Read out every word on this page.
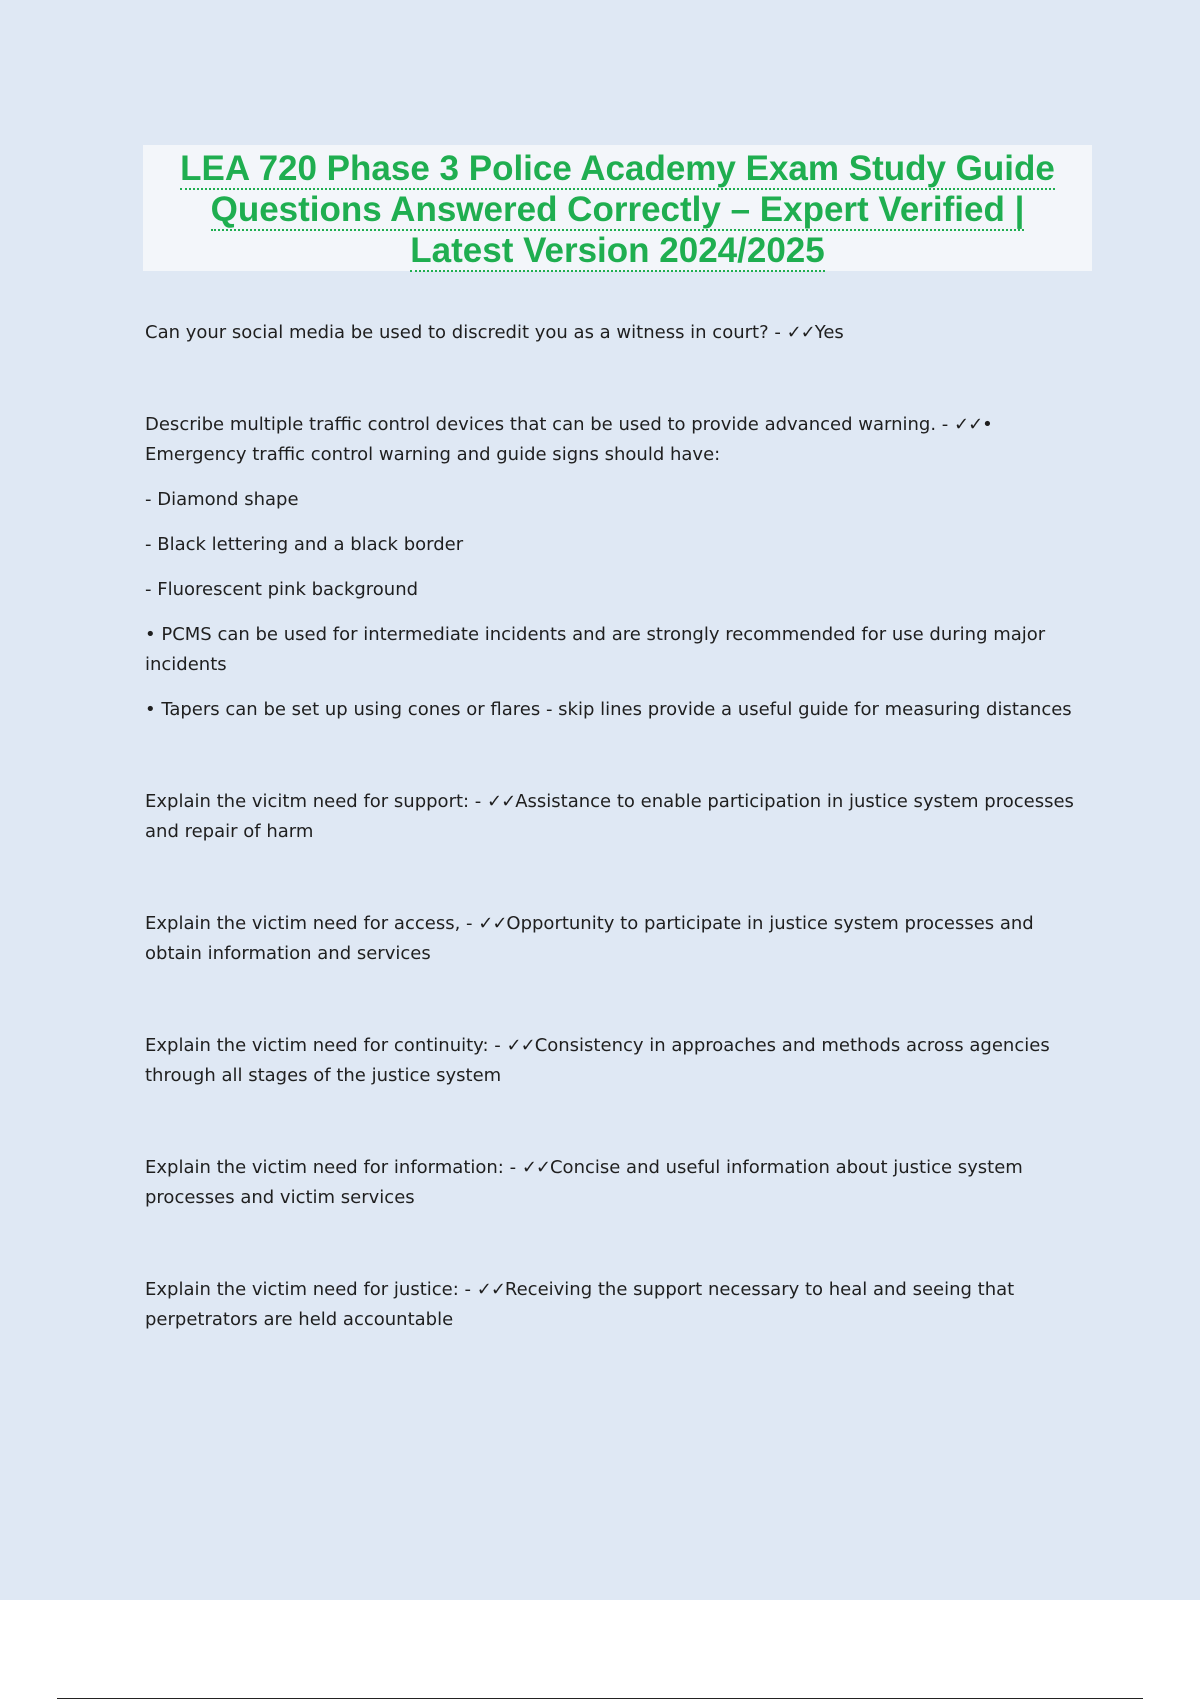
LEA 720 Phase 3 Police Academy Exam Study Guide
Questions Answered Correctly – Expert Verified |
Latest Version 2024/2025

Can your social media be used to discredit you as a witness in court? - ✓✓Yes

Describe multiple traffic control devices that can be used to provide advanced warning. - ✓✓• Emergency traffic control warning and guide signs should have:

- Diamond shape

- Black lettering and a black border

- Fluorescent pink background

• PCMS can be used for intermediate incidents and are strongly recommended for use during major incidents

• Tapers can be set up using cones or flares - skip lines provide a useful guide for measuring distances

Explain the vicitm need for support: - ✓✓Assistance to enable participation in justice system processes and repair of harm

Explain the victim need for access, - ✓✓Opportunity to participate in justice system processes and obtain information and services

Explain the victim need for continuity: - ✓✓Consistency in approaches and methods across agencies through all stages of the justice system

Explain the victim need for information: - ✓✓Concise and useful information about justice system processes and victim services

Explain the victim need for justice: - ✓✓Receiving the support necessary to heal and seeing that perpetrators are held accountable
